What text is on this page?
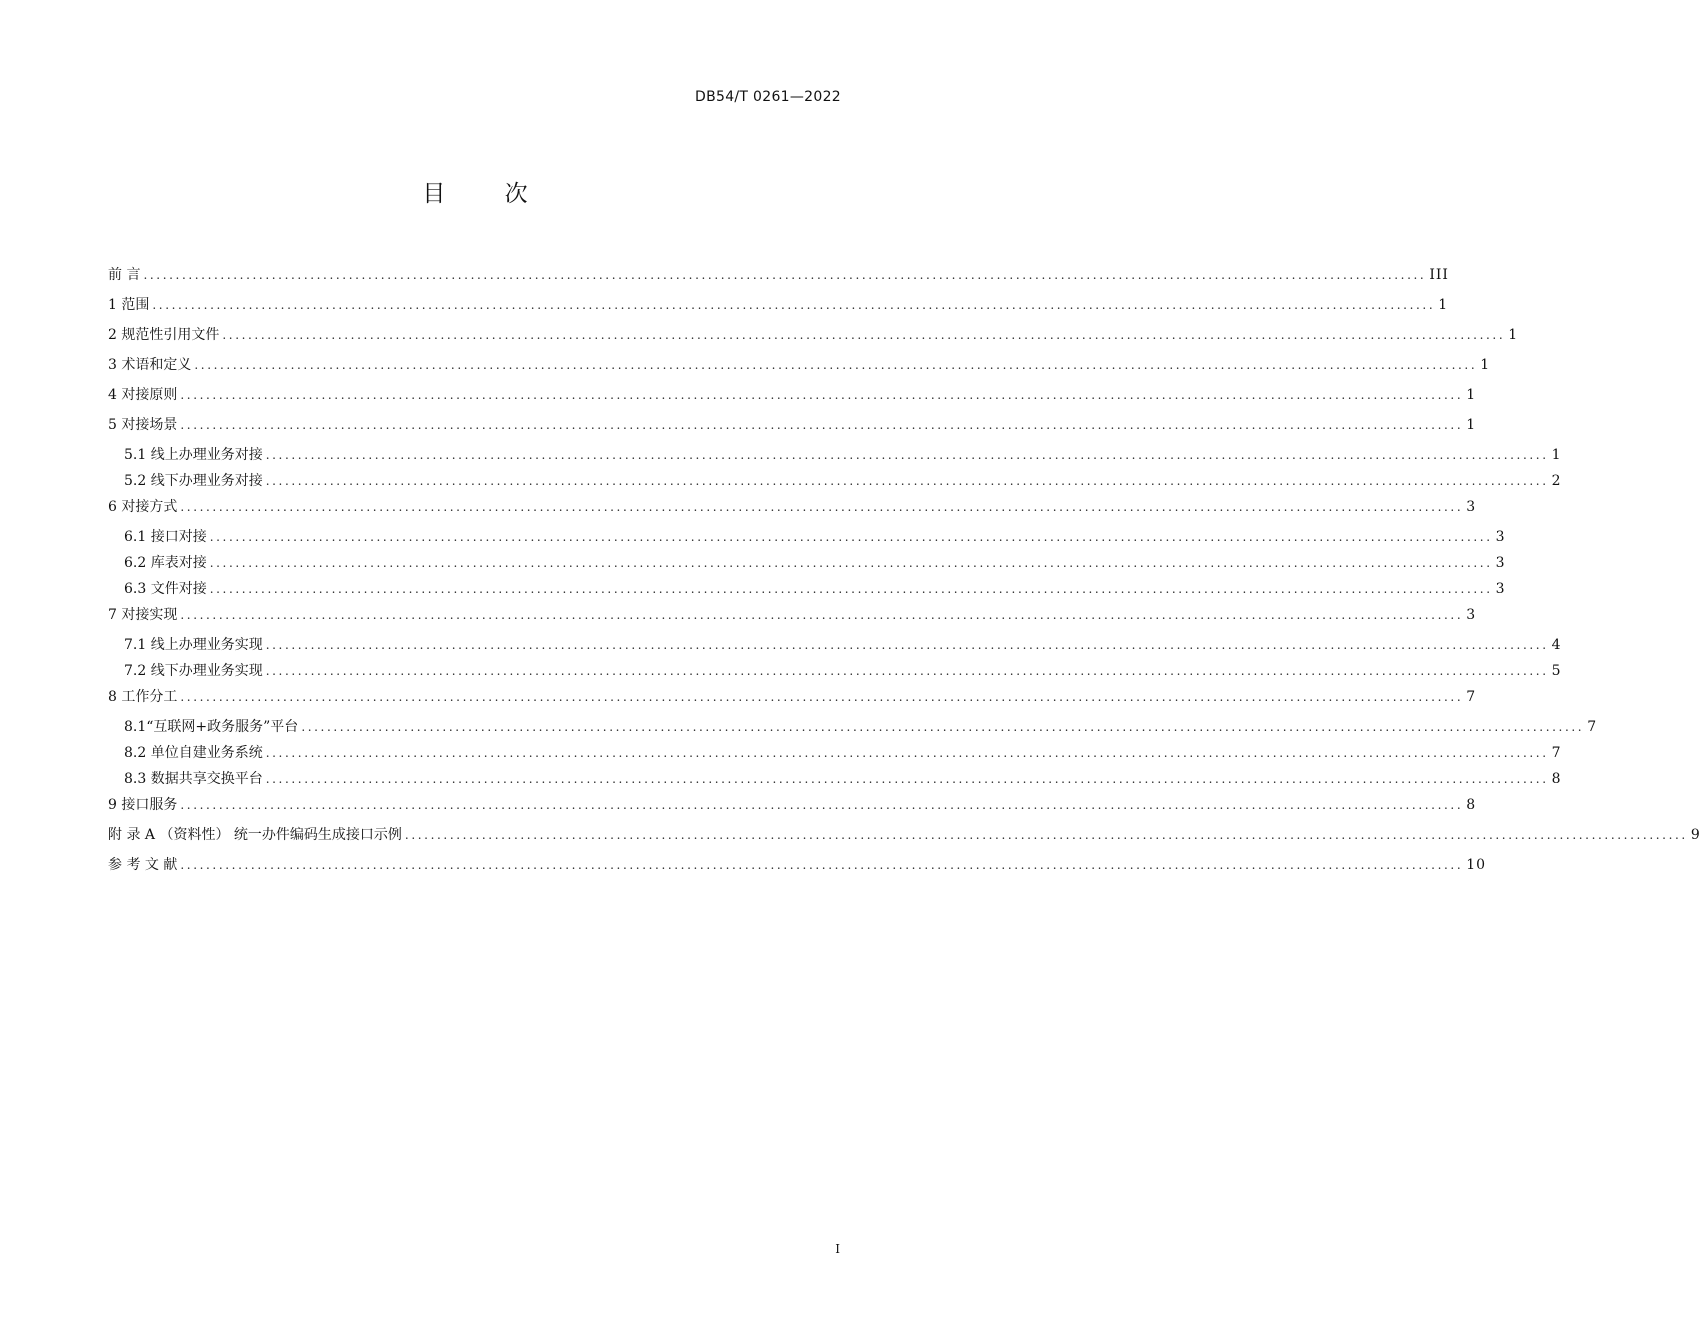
DB54/T 0261—2022
目	次
前 言 ........................................................................................................................................................................................................ III
1 范围 ........................................................................................................................................................................................................ 1
2 规范性引用文件 ........................................................................................................................................................................................................ 1
3 术语和定义 ........................................................................................................................................................................................................ 1
4 对接原则 ........................................................................................................................................................................................................ 1
5 对接场景 ........................................................................................................................................................................................................ 1
5.1 线上办理业务对接 ........................................................................................................................................................................................................ 1
5.2 线下办理业务对接 ........................................................................................................................................................................................................ 2
6 对接方式 ........................................................................................................................................................................................................ 3
6.1 接口对接 ........................................................................................................................................................................................................ 3
6.2 库表对接 ........................................................................................................................................................................................................ 3
6.3 文件对接 ........................................................................................................................................................................................................ 3
7 对接实现 ........................................................................................................................................................................................................ 3
7.1 线上办理业务实现 ........................................................................................................................................................................................................ 4
7.2 线下办理业务实现 ........................................................................................................................................................................................................ 5
8 工作分工 ........................................................................................................................................................................................................ 7
8.1“互联网+政务服务”平台 ........................................................................................................................................................................................................ 7
8.2 单位自建业务系统 ........................................................................................................................................................................................................ 7
8.3 数据共享交换平台 ........................................................................................................................................................................................................ 8
9 接口服务 ........................................................................................................................................................................................................ 8
附 录 A （资料性） 统一办件编码生成接口示例 ........................................................................................................................................................................................................ 9
参 考 文 献 ........................................................................................................................................................................................................ 10
I
